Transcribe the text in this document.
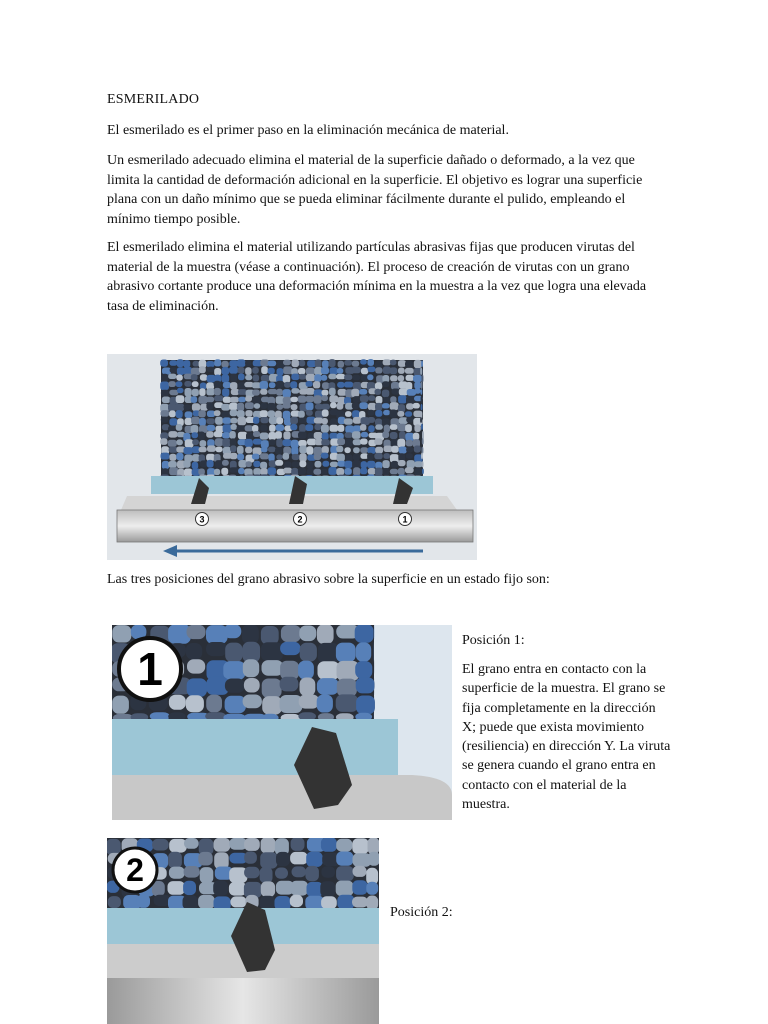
ESMERILADO

El esmerilado es el primer paso en la eliminación mecánica de material.

Un esmerilado adecuado elimina el material de la superficie dañado o deformado, a la vez que limita la cantidad de deformación adicional en la superficie. El objetivo es lograr una superficie plana con un daño mínimo que se pueda eliminar fácilmente durante el pulido, empleando el mínimo tiempo posible.

El esmerilado elimina el material utilizando partículas abrasivas fijas que producen virutas del material de la muestra (véase a continuación). El proceso de creación de virutas con un grano abrasivo cortante produce una deformación mínima en la muestra a la vez que logra una elevada tasa de eliminación.

3	2	1
Las tres posiciones del grano abrasivo sobre la superficie en un estado fijo son:
1

Posición 1:

El grano entra en contacto con la superficie de la muestra. El grano se fija completamente en la dirección X; puede que exista movimiento (resiliencia) en dirección Y. La viruta se genera cuando el grano entra en contacto con el material de la muestra.

2

Posición 2:
